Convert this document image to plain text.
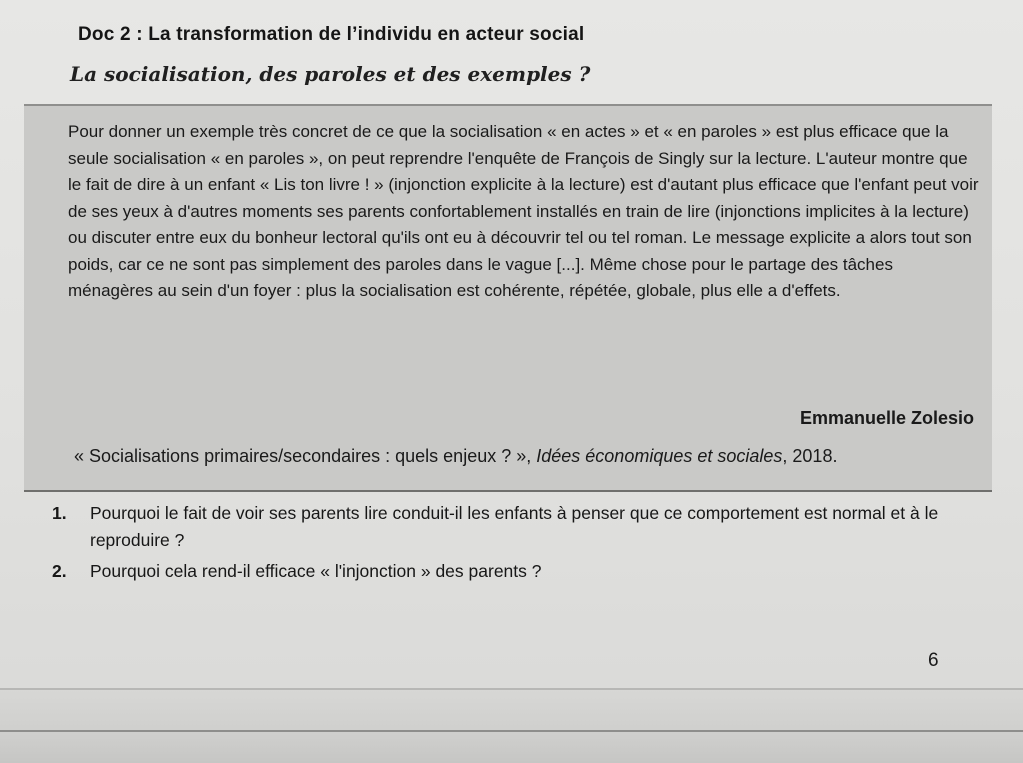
Doc 2 : La transformation de l’individu en acteur social
La socialisation, des paroles et des exemples ?

Pour donner un exemple très concret de ce que la socialisation « en actes » et « en paroles » est plus efficace que la seule socialisation « en paroles », on peut reprendre l'enquête de François de Singly sur la lecture. L'auteur montre que le fait de dire à un enfant « Lis ton livre ! » (injonction explicite à la lecture) est d'autant plus efficace que l'enfant peut voir de ses yeux à d'autres moments ses parents confortablement installés en train de lire (injonctions implicites à la lecture) ou discuter entre eux du bonheur lectoral qu'ils ont eu à découvrir tel ou tel roman. Le message explicite a alors tout son poids, car ce ne sont pas simplement des paroles dans le vague [...]. Même chose pour le partage des tâches ménagères au sein d'un foyer : plus la socialisation est cohérente, répétée, globale, plus elle a d'effets.

Emmanuelle Zolesio
« Socialisations primaires/secondaires : quels enjeux ? », Idées économiques et sociales, 2018.
1. Pourquoi le fait de voir ses parents lire conduit-il les enfants à penser que ce comportement est normal et à le reproduire ?
2. Pourquoi cela rend-il efficace « l'injonction » des parents ?
6
